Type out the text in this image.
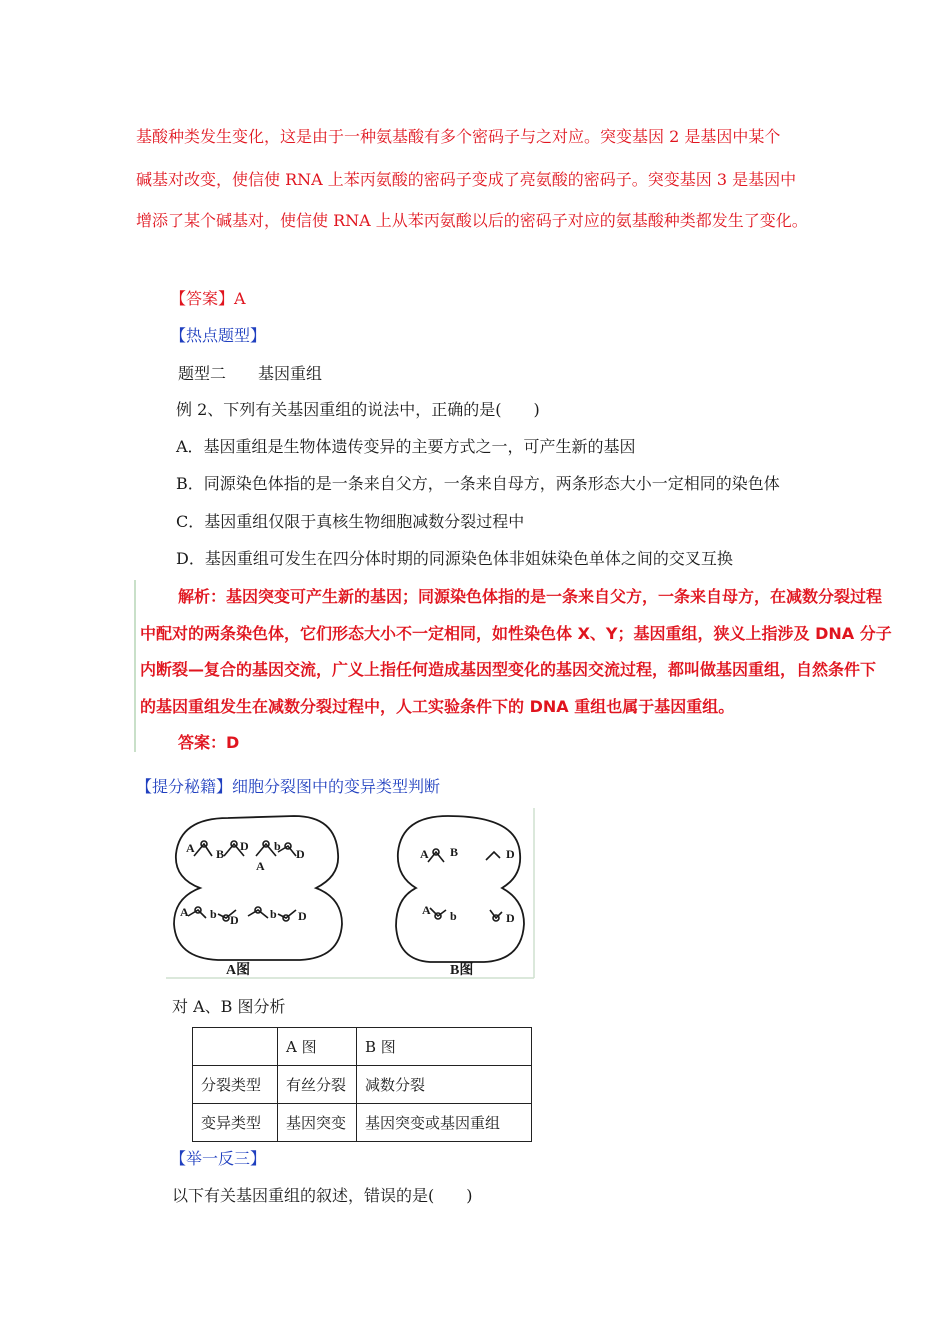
基酸种类发生变化，这是由于一种氨基酸有多个密码子与之对应。突变基因 2 是基因中某个
碱基对改变，使信使 RNA 上苯丙氨酸的密码子变成了亮氨酸的密码子。突变基因 3 是基因中
增添了某个碱基对，使信使 RNA 上从苯丙氨酸以后的密码子对应的氨基酸种类都发生了变化。
【答案】A
【热点题型】
题型二　　基因重组
例 2、下列有关基因重组的说法中，正确的是(　　)
A．基因重组是生物体遗传变异的主要方式之一，可产生新的基因
B．同源染色体指的是一条来自父方，一条来自母方，两条形态大小一定相同的染色体
C．基因重组仅限于真核生物细胞减数分裂过程中
D．基因重组可发生在四分体时期的同源染色体非姐妹染色单体之间的交叉互换
解析：基因突变可产生新的基因；同源染色体指的是一条来自父方，一条来自母方，在减数分裂过程
中配对的两条染色体，它们形态大小不一定相同，如性染色体 X、Y；基因重组，狭义上指涉及 DNA 分子
内断裂—复合的基因交流，广义上指任何造成基因型变化的基因交流过程，都叫做基因重组，自然条件下
的基因重组发生在减数分裂过程中，人工实验条件下的 DNA 重组也属于基因重组。
答案：D
【提分秘籍】细胞分裂图中的变异类型判断
A B
D
A
b
D
A b D	b D
A B	D
A b	D
A图	B图
对 A、B 图分析
	A 图	B 图
分裂类型	有丝分裂	减数分裂
变异类型	基因突变	基因突变或基因重组
【举一反三】
以下有关基因重组的叙述，错误的是(　　)
